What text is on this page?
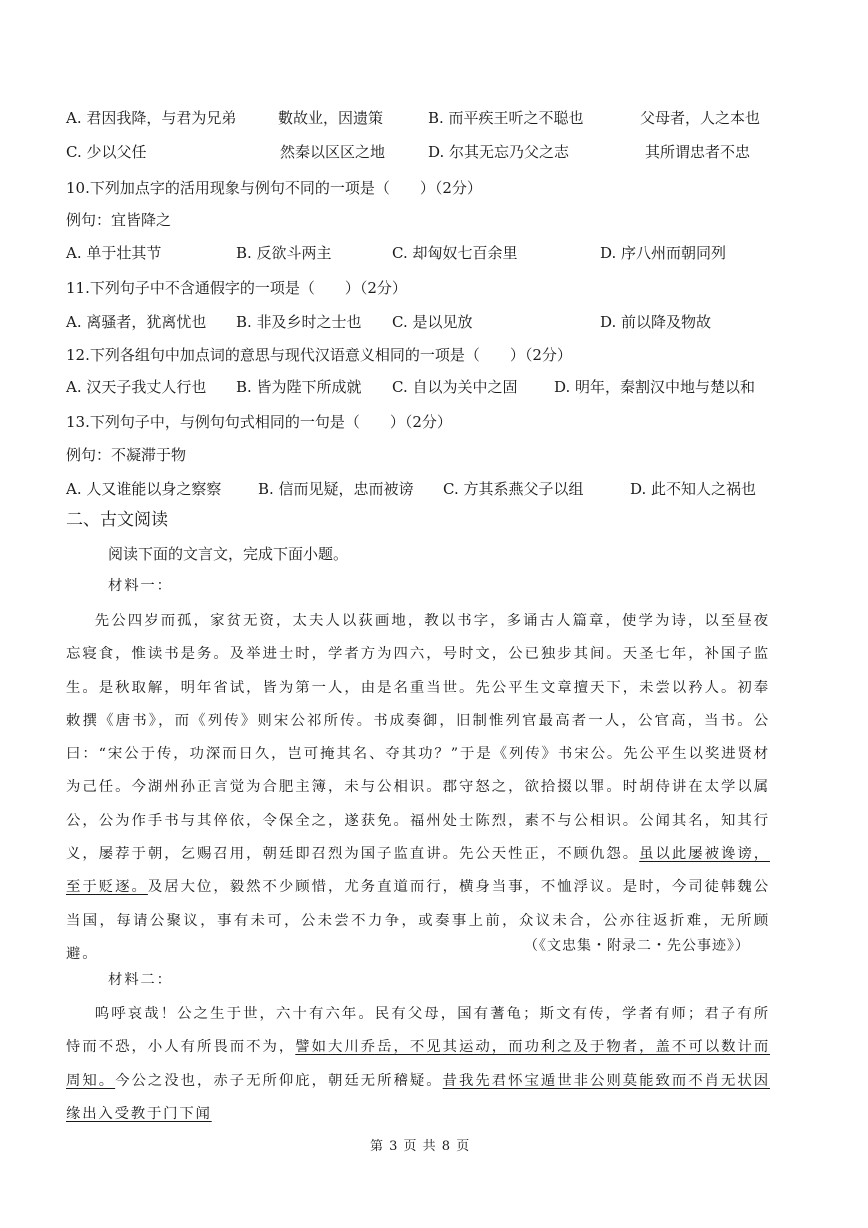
A. 君因我降，与君为兄弟	數故业，因遗策	B. 而平疾王听之不聪也	父母者，人之本也
C. 少以父任	然秦以区区之地	D. 尔其无忘乃父之志	其所谓忠者不忠
10.下列加点字的活用现象与例句不同的一项是（　　）（2分）
例句：宜皆降之
A. 单于壮其节	B. 反欲斗两主	C. 却匈奴七百余里	D. 序八州而朝同列
11.下列句子中不含通假字的一项是（　　）（2分）
A. 离骚者，犹离忧也 B. 非及乡时之士也 C. 是以见放	D. 前以降及物故
12.下列各组句中加点词的意思与现代汉语意义相同的一项是（　　）（2分）
A. 汉天子我丈人行也 B. 皆为陛下所成就 C. 自以为关中之固 D. 明年，秦割汉中地与楚以和
13.下列句子中，与例句句式相同的一句是（　　）（2分）
例句：不凝滞于物
A. 人又谁能以身之察察 B. 信而见疑，忠而被谤 C. 方其系燕父子以组	D. 此不知人之祸也
二、古文阅读
阅读下面的文言文，完成下面小题。
材料一：
先公四岁而孤，家贫无资，太夫人以荻画地，教以书字，多诵古人篇章，使学为诗，以至昼夜忘寝食，惟读书是务。及举进士时，学者方为四六，号时文，公已独步其间。天圣七年，补国子监生。是秋取解，明年省试，皆为第一人，由是名重当世。先公平生文章擅天下，未尝以矜人。初奉敕撰《唐书》，而《列传》则宋公祁所传。书成奏御，旧制惟列官最高者一人，公官高，当书。公曰：“宋公于传，功深而日久，岂可掩其名、夺其功？”于是《列传》书宋公。先公平生以奖进贤材为己任。今湖州孙正言觉为合肥主簿，未与公相识。郡守怒之，欲拾掇以罪。时胡侍讲在太学以属公，公为作手书与其倅依，令保全之，遂获免。福州处士陈烈，素不与公相识。公闻其名，知其行义，屡荐于朝，乞赐召用，朝廷即召烈为国子监直讲。先公天性正，不顾仇怨。虽以此屡被谗谤，至于贬逐。及居大位，毅然不少顾惜，尤务直道而行，横身当事，不恤浮议。是时，今司徒韩魏公当国，每请公聚议，事有未可，公未尝不力争，或奏事上前，众议未合，公亦往返折难，无所顾避。	（《文忠集・附录二・先公事迹》）
材料二：
呜呼哀哉！公之生于世，六十有六年。民有父母，国有蓍龟；斯文有传，学者有师；君子有所恃而不恐，小人有所畏而不为，譬如大川乔岳，不见其运动，而功利之及于物者，盖不可以数计而周知。今公之没也，赤子无所仰庇，朝廷无所稽疑。昔我先君怀宝遁世非公则莫能致而不肖无状因缘出入受教于门下闻
第 3 页 共 8 页
